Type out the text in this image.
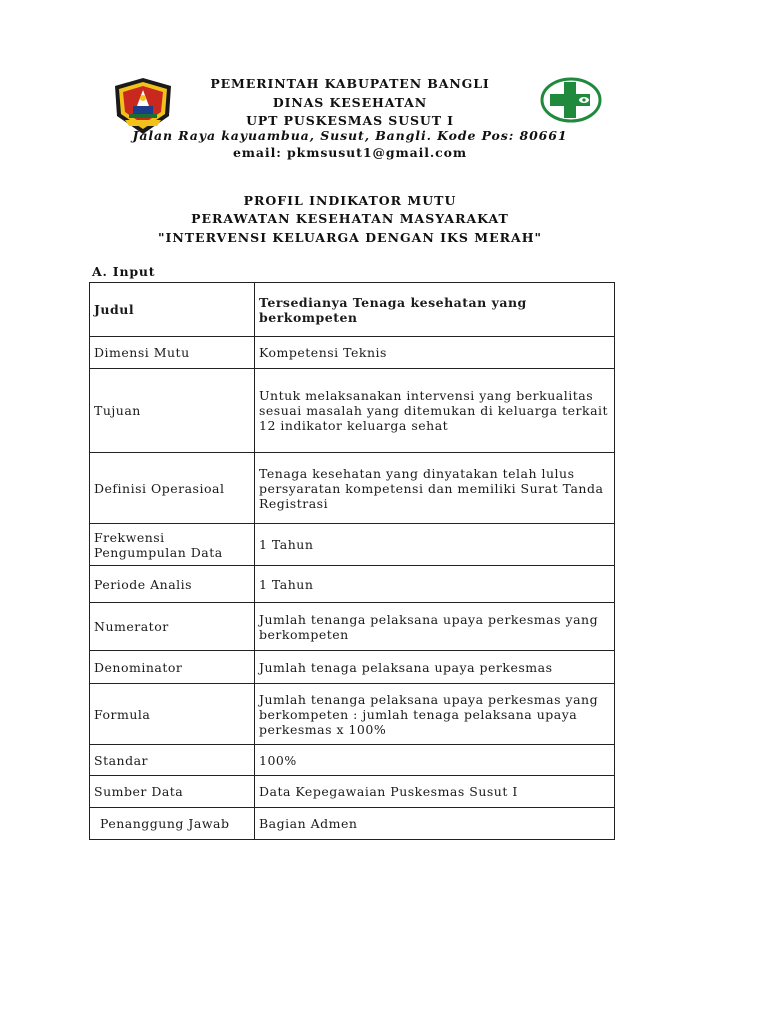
PEMERINTAH KABUPATEN BANGLI
DINAS KESEHATAN
UPT PUSKESMAS SUSUT I
Jalan Raya kayuambua, Susut, Bangli. Kode Pos: 80661
email: pkmsusut1@gmail.com
PROFIL INDIKATOR MUTU
PERAWATAN KESEHATAN MASYARAKAT
"INTERVENSI KELUARGA DENGAN IKS MERAH"
A. Input
Judul	Tersedianya Tenaga kesehatan yang berkompeten
Dimensi Mutu	Kompetensi Teknis
Tujuan	Untuk melaksanakan intervensi yang berkualitas sesuai masalah yang ditemukan di keluarga terkait 12 indikator keluarga sehat
Definisi Operasioal	Tenaga kesehatan yang dinyatakan telah lulus persyaratan kompetensi dan memiliki Surat Tanda Registrasi
Frekwensi Pengumpulan Data	1 Tahun
Periode Analis	1 Tahun
Numerator	Jumlah tenanga pelaksana upaya perkesmas yang berkompeten
Denominator	Jumlah tenaga pelaksana upaya perkesmas
Formula	Jumlah tenanga pelaksana upaya perkesmas yang berkompeten : jumlah tenaga pelaksana upaya perkesmas x 100%
Standar	100%
Sumber Data	Data Kepegawaian Puskesmas Susut I
Penanggung Jawab	Bagian Admen
